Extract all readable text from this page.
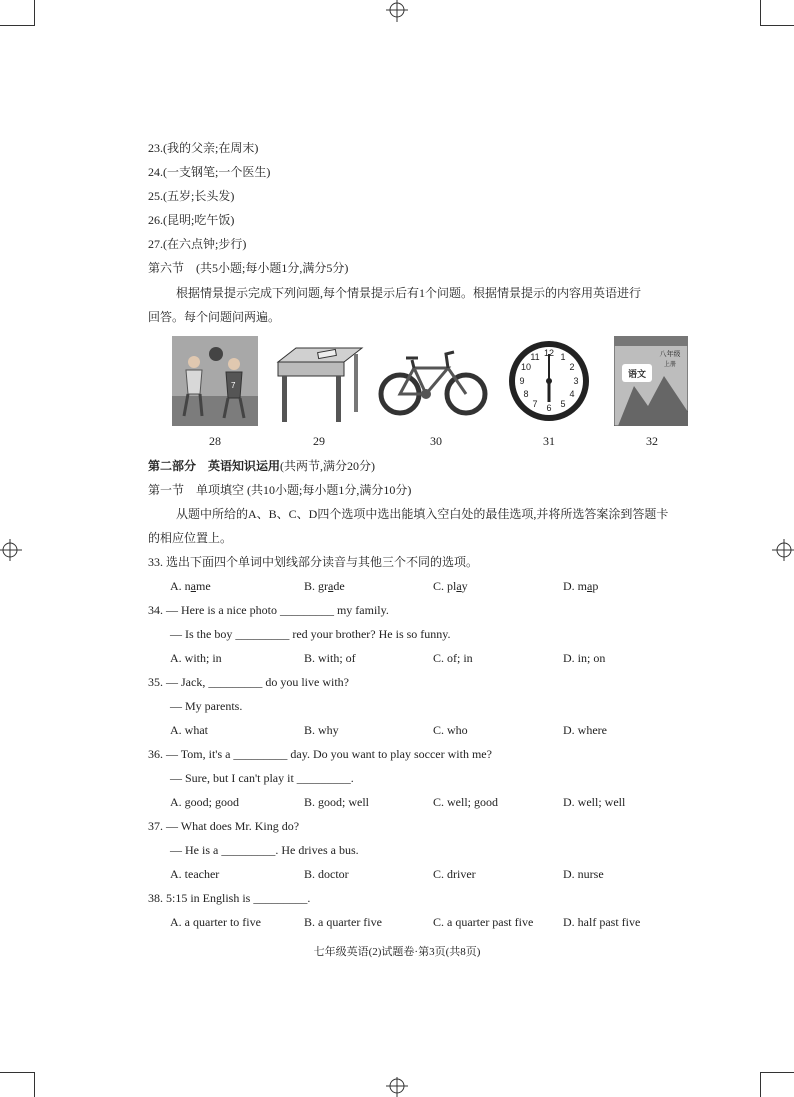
23.(我的父亲;在周末)
24.(一支钢笔;一个医生)
25.(五岁;长头发)
26.(昆明;吃午饭)
27.(在六点钟;步行)
第六节　(共5小题;每小题1分,满分5分)
根据情景提示完成下列问题,每个情景提示后有1个问题。根据情景提示的内容用英语进行
回答。每个问题问两遍。
7
12 1
2
3
4
5
6
7
8
9
10
11	八年级
上册
语文
28	29	30	31	32
第二部分　英语知识运用(共两节,满分20分)
第一节　单项填空 (共10小题;每小题1分,满分10分)
从题中所给的A、B、C、D四个选项中选出能填入空白处的最佳选项,并将所选答案涂到答题卡
的相应位置上。
33. 选出下面四个单词中划线部分读音与其他三个不同的选项。
A. name	B. grade	C. play	D. map
34. — Here is a nice photo _________ my family.
— Is the boy _________ red your brother? He is so funny.
A. with; in	B. with; of	C. of; in	D. in; on
35. — Jack, _________ do you live with?
— My parents.
A. what	B. why	C. who	D. where
36. — Tom, it's a _________ day. Do you want to play soccer with me?
— Sure, but I can't play it _________.
A. good; good	B. good; well	C. well; good	D. well; well
37. — What does Mr. King do?
— He is a _________. He drives a bus.
A. teacher	B. doctor	C. driver	D. nurse
38. 5:15 in English is _________.
A. a quarter to five	B. a quarter five	C. a quarter past five D. half past five
七年级英语(2)试题卷·第3页(共8页)
